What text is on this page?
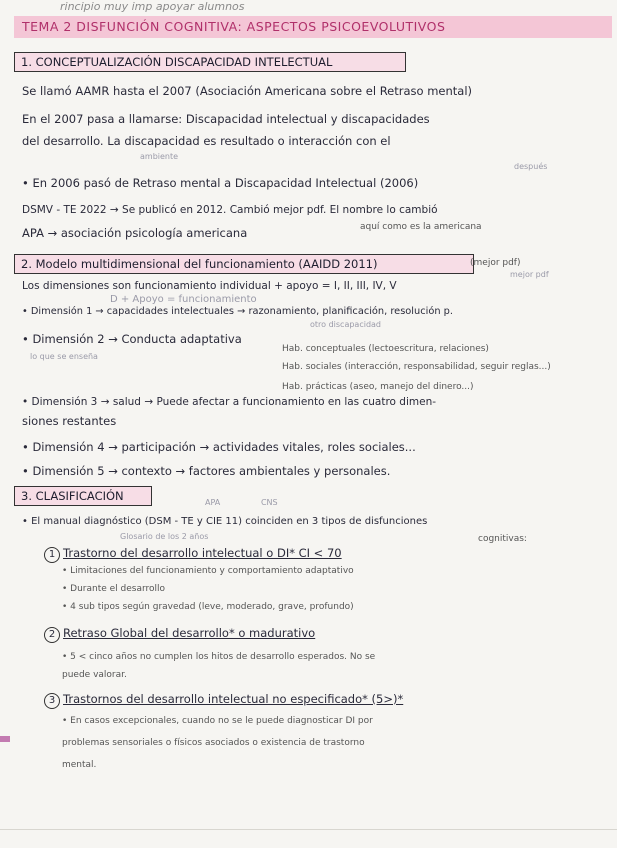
rincipio muy imp apoyar alumnos
TEMA 2 DISFUNCIÓN COGNITIVA: ASPECTOS PSICOEVOLUTIVOS
1. CONCEPTUALIZACIÓN DISCAPACIDAD INTELECTUAL
Se llamó AAMR hasta el 2007 (Asociación Americana sobre el Retraso mental)
En el 2007 pasa a llamarse: Discapacidad intelectual y discapacidades
del desarrollo. La discapacidad es resultado o interacción con el
ambiente
después
• En 2006 pasó de Retraso mental a Discapacidad Intelectual (2006)
DSMV - TE 2022 → Se publicó en 2012. Cambió mejor pdf. El nombre lo cambió
aquí como es la americana
APA → asociación psicología americana
2. Modelo multidimensional del funcionamiento (AAIDD 2011)	(mejor pdf)
Los dimensiones son funcionamiento individual + apoyo = I, II, III, IV, V
mejor pdf
D + Apoyo = funcionamiento
• Dimensión 1 → capacidades intelectuales → razonamiento, planificación, resolución p.
otro discapacidad
• Dimensión 2 → Conducta adaptativa
Hab. conceptuales (lectoescritura, relaciones)
lo que se enseña
Hab. sociales (interacción, responsabilidad, seguir reglas...)
Hab. prácticas (aseo, manejo del dinero...)
• Dimensión 3 → salud → Puede afectar a funcionamiento en las cuatro dimen-
siones restantes
• Dimensión 4 → participación → actividades vitales, roles sociales...
• Dimensión 5 → contexto → factores ambientales y personales.
3. CLASIFICACIÓN	APA                CNS
• El manual diagnóstico (DSM - TE y CIE 11) coinciden en 3 tipos de disfunciones
Glosario de los 2 años	cognitivas:
1 Trastorno del desarrollo intelectual o DI* CI < 70
• Limitaciones del funcionamiento y comportamiento adaptativo
• Durante el desarrollo
• 4 sub tipos según gravedad (leve, moderado, grave, profundo)
2 Retraso Global del desarrollo* o madurativo
• 5 < cinco años no cumplen los hitos de desarrollo esperados. No se
puede valorar.
3 Trastornos del desarrollo intelectual no especificado* (5>)*
• En casos excepcionales, cuando no se le puede diagnosticar DI por
problemas sensoriales o físicos asociados o existencia de trastorno
mental.
